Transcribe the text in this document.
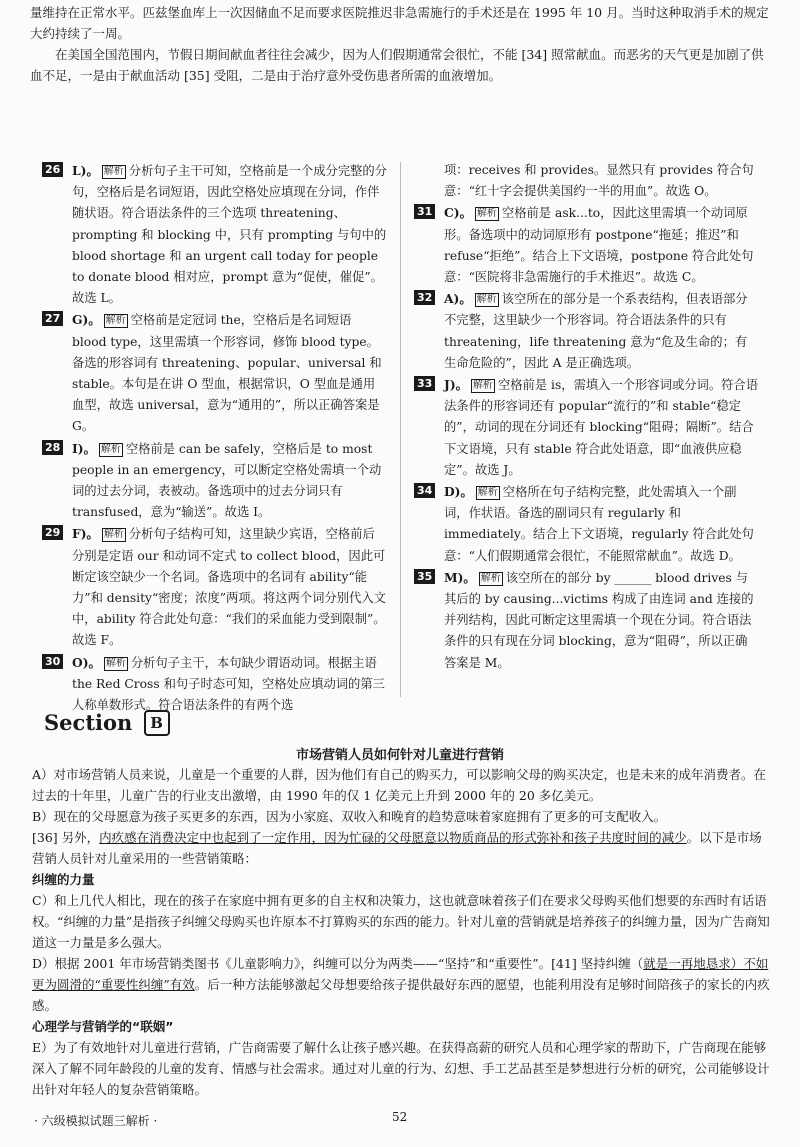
量维持在正常水平。匹兹堡血库上一次因储血不足而要求医院推迟非急需施行的手术还是在 1995 年 10 月。当时这种取消手术的规定大约持续了一周。

在美国全国范围内，节假日期间献血者往往会减少，因为人们假期通常会很忙，不能 [34] 照常献血。而恶劣的天气更是加剧了供血不足，一是由于献血活动 [35] 受阻，二是由于治疗意外受伤患者所需的血液增加。

26 L)。 解析 分析句子主干可知，空格前是一个成分完整的分句，空格后是名词短语，因此空格处应填现在分词，作伴随状语。符合语法条件的三个选项 threatening、prompting 和 blocking 中，只有 prompting 与句中的 blood shortage 和 an urgent call today for people to donate blood 相对应，prompt 意为“促使，催促”。故选 L。

27 G)。 解析 空格前是定冠词 the，空格后是名词短语 blood type，这里需填一个形容词，修饰 blood type。备选的形容词有 threatening、popular、universal 和 stable。本句是在讲 O 型血，根据常识，O 型血是通用血型，故选 universal，意为“通用的”，所以正确答案是 G。

28 I)。 解析 空格前是 can be safely，空格后是 to most people in an emergency，可以断定空格处需填一个动词的过去分词，表被动。备选项中的过去分词只有 transfused，意为“输送”。故选 I。

29 F)。 解析 分析句子结构可知，这里缺少宾语，空格前后分别是定语 our 和动词不定式 to collect blood，因此可断定该空缺少一个名词。备选项中的名词有 ability“能力”和 density“密度；浓度”两项。将这两个词分别代入文中，ability 符合此处句意：“我们的采血能力受到限制”。故选 F。

30 O)。 解析 分析句子主干，本句缺少谓语动词。根据主语 the Red Cross 和句子时态可知，空格处应填动词的第三人称单数形式。符合语法条件的有两个选

项：receives 和 provides。显然只有 provides 符合句意：“红十字会提供美国约一半的用血”。故选 O。

31 C)。 解析 空格前是 ask...to，因此这里需填一个动词原形。备选项中的动词原形有 postpone“拖延；推迟”和 refuse“拒绝”。结合上下文语境，postpone 符合此处句意：“医院将非急需施行的手术推迟”。故选 C。

32 A)。 解析 该空所在的部分是一个系表结构，但表语部分不完整，这里缺少一个形容词。符合语法条件的只有 threatening，life threatening 意为“危及生命的；有生命危险的”，因此 A 是正确选项。

33 J)。 解析 空格前是 is，需填入一个形容词或分词。符合语法条件的形容词还有 popular“流行的”和 stable“稳定的”，动词的现在分词还有 blocking“阻碍；隔断”。结合下文语境，只有 stable 符合此处语意，即“血液供应稳定”。故选 J。

34 D)。 解析 空格所在句子结构完整，此处需填入一个副词，作状语。备选的副词只有 regularly 和 immediately。结合上下文语境，regularly 符合此处句意：“人们假期通常会很忙，不能照常献血”。故选 D。

35 M)。 解析 该空所在的部分 by ______ blood drives 与其后的 by causing...victims 构成了由连词 and 连接的并列结构，因此可断定这里需填一个现在分词。符合语法条件的只有现在分词 blocking，意为“阻碍”，所以正确答案是 M。

Section B
市场营销人员如何针对儿童进行营销

A）对市场营销人员来说，儿童是一个重要的人群，因为他们有自己的购买力，可以影响父母的购买决定，也是未来的成年消费者。在过去的十年里，儿童广告的行业支出激增，由 1990 年的仅 1 亿美元上升到 2000 年的 20 多亿美元。

B）现在的父母愿意为孩子买更多的东西，因为小家庭、双收入和晚育的趋势意味着家庭拥有了更多的可支配收入。

[36] 另外，内疚感在消费决定中也起到了一定作用，因为忙碌的父母愿意以物质商品的形式弥补和孩子共度时间的减少。以下是市场营销人员针对儿童采用的一些营销策略：

纠缠的力量

C）和上几代人相比，现在的孩子在家庭中拥有更多的自主权和决策力，这也就意味着孩子们在要求父母购买他们想要的东西时有话语权。“纠缠的力量”是指孩子纠缠父母购买也许原本不打算购买的东西的能力。针对儿童的营销就是培养孩子的纠缠力量，因为广告商知道这一力量是多么强大。

D）根据 2001 年市场营销类图书《儿童影响力》，纠缠可以分为两类——“坚持”和“重要性”。[41] 坚持纠缠（就是一再地恳求）不如更为圆滑的“重要性纠缠”有效。后一种方法能够激起父母想要给孩子提供最好东西的愿望，也能利用没有足够时间陪孩子的家长的内疚感。

心理学与营销学的“联姻”

E）为了有效地针对儿童进行营销，广告商需要了解什么让孩子感兴趣。在获得高薪的研究人员和心理学家的帮助下，广告商现在能够深入了解不同年龄段的儿童的发育、情感与社会需求。通过对儿童的行为、幻想、手工艺品甚至是梦想进行分析的研究，公司能够设计出针对年轻人的复杂营销策略。

· 六级模拟试题三解析 ·	52
